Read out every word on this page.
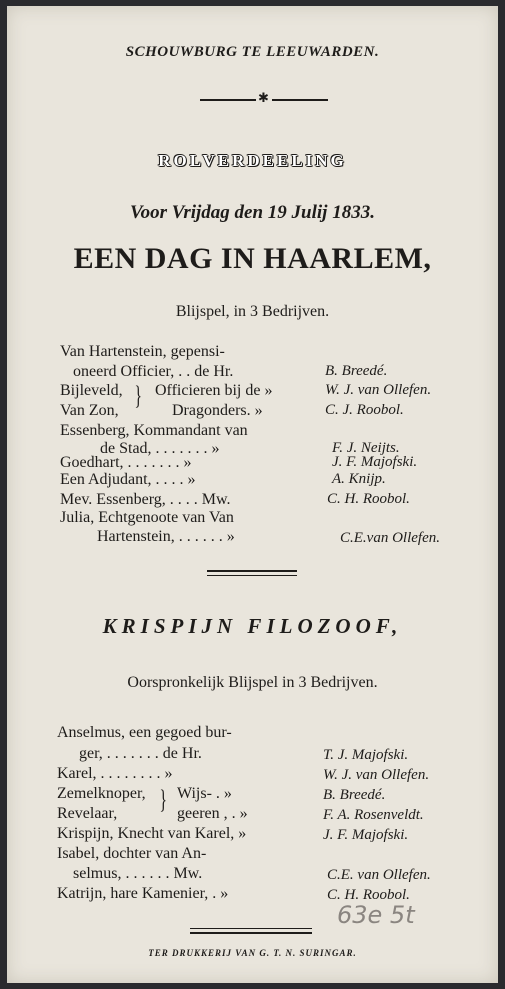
SCHOUWBURG TE LEEUWARDEN.
✱
ROLVERDEELING
Voor Vrijdag den 19 Julij 1833.
EEN DAG IN HAARLEM,
Blijspel, in 3 Bedrijven.
Van Hartenstein, gepensi-
oneerd Officier, . . de Hr.	B. Breedé.
Bijleveld, } Officieren bij de »	W. J. van Ollefen.
Van Zon,	Dragonders. »	C. J. Roobol.
Essenberg, Kommandant van
de Stad, . . . . . . . »	F. J. Neijts.
Goedhart, . . . . . . . »	J. F. Majofski.
Een Adjudant, . . . . »	A. Knijp.
Mev. Essenberg, . . . . Mw.	C. H. Roobol.
Julia, Echtgenoote van Van
Hartenstein, . . . . . . »	C.E.van Ollefen.
KRISPIJN FILOZOOF,
Oorspronkelijk Blijspel in 3 Bedrijven.
Anselmus, een gegoed bur-
ger, . . . . . . . de Hr.	T. J. Majofski.
Karel, . . . . . . . . »	W. J. van Ollefen.
Zemelknoper, } Wijs- . »	B. Breedé.
Revelaar,	geeren , . »	F. A. Rosenveldt.
Krispijn, Knecht van Karel, »	J. F. Majofski.
Isabel, dochter van An-
selmus, . . . . . . Mw.	C.E. van Ollefen.
Katrijn, hare Kamenier, . »	C. H. Roobol.
63e 5t
TER DRUKKERIJ VAN G. T. N. SURINGAR.
